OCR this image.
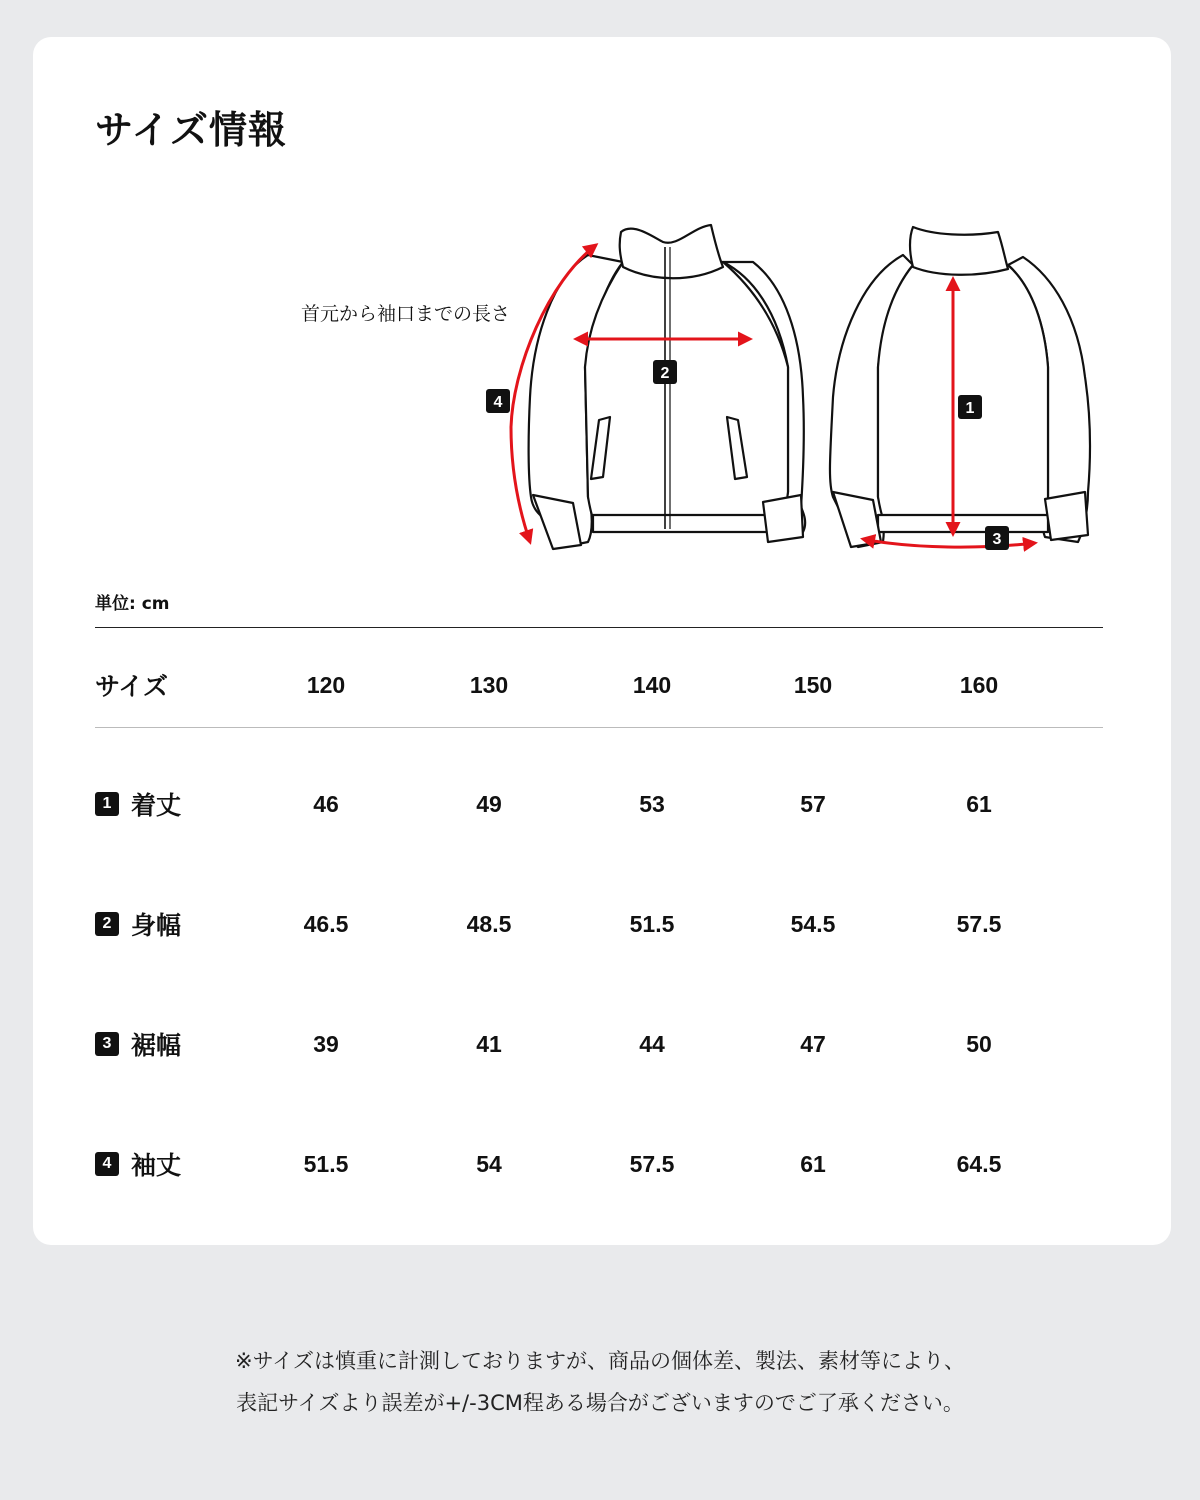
サイズ情報
4
2
1
3
首元から袖口までの長さ
単位: cm
サイズ	120	130	140	150	160
1 着丈	46	49	53	57	61
2 身幅	46.5	48.5	51.5	54.5	57.5
3 裾幅	39	41	44	47	50
4 袖丈	51.5	54	57.5	61	64.5
※サイズは慎重に計測しておりますが、商品の個体差、製法、素材等により、
表記サイズより誤差が+/-3CM程ある場合がございますのでご了承ください。
